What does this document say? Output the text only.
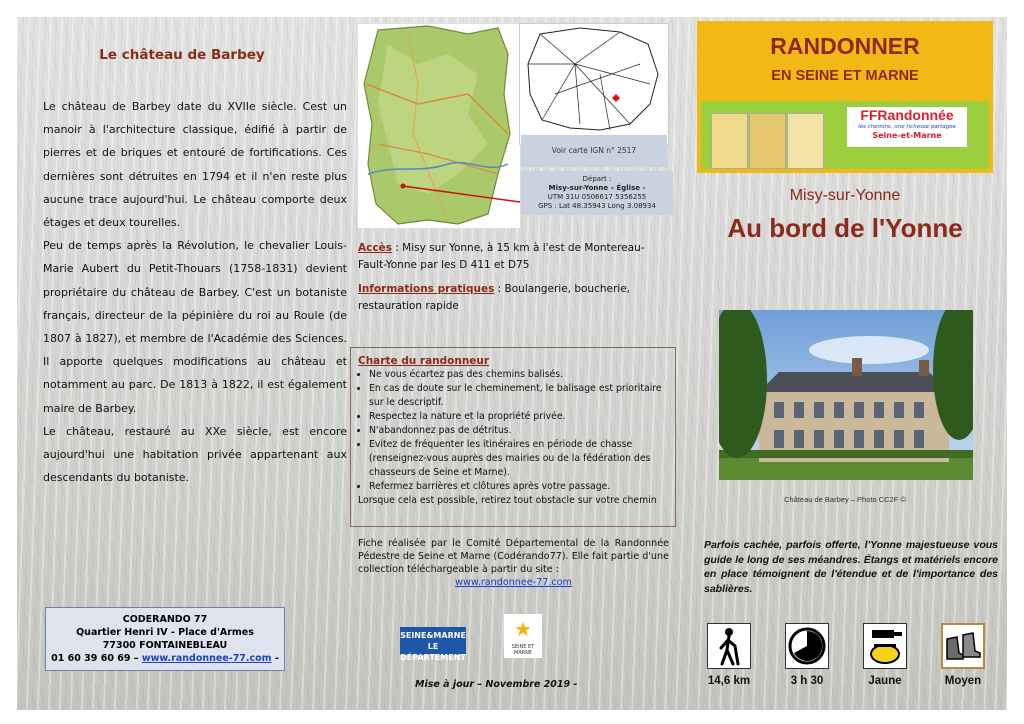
Le château de Barbey

Le château de Barbey date du XVIIe siècle. Cest un manoir à l'architecture classique, édifié à partir de pierres et de briques et entouré de fortifications. Ces dernières sont détruites en 1794 et il n'en reste plus aucune trace aujourd'hui. Le château comporte deux étages et deux tourelles.

Peu de temps après la Révolution, le chevalier Louis-Marie Aubert du Petit-Thouars (1758-1831) devient propriétaire du château de Barbey. C'est un botaniste français, directeur de la pépinière du roi au Roule (de 1807 à 1827), et membre de l'Académie des Sciences. Il apporte quelques modifications au château et notamment au parc. De 1813 à 1822, il est également maire de Barbey.

Le château, restauré au XXe siècle, est encore aujourd'hui une habitation privée appartenant aux descendants du botaniste.

CODERANDO 77
Quartier Henri IV - Place d'Armes
77300 FONTAINEBLEAU
01 60 39 60 69 – www.randonnee-77.com -
Voir carte IGN n° 2517
Départ :
Misy-sur-Yonne – Église -
UTM 31U 0506617 5356255
GPS : Lat 48.35943 Long 3.08934
Accès : Misy sur Yonne, à 15 km à l'est de Montereau-Fault-Yonne par les D 411 et D75
Informations pratiques : Boulangerie, boucherie, restauration rapide
Charte du randonneur
• Ne vous écartez pas des chemins balisés.
• En cas de doute sur le cheminement, le balisage est prioritaire sur le descriptif.
• Respectez la nature et la propriété privée.
• N'abandonnez pas de détritus.
• Evitez de fréquenter les itinéraires en période de chasse (renseignez-vous auprès des mairies ou de la fédération des chasseurs de Seine et Marne).
• Refermez barrières et clôtures après votre passage.
Lorsque cela est possible, retirez tout obstacle sur votre chemin
Fiche réalisée par le Comité Départemental de la Randonnée Pédestre de Seine et Marne (Codérando77). Elle fait partie d'une collection téléchargeable à partir du site :
www.randonnee-77.com
SEINE&MARNE LE DÉPARTEMENT
★
SEINE ET MARNE
Mise à jour – Novembre 2019 -
RANDONNER
EN SEINE ET MARNE
FFRandonnée
les chemins, une richesse partagée
Seine-et-Marne
Misy-sur-Yonne
Au bord de l'Yonne
Château de Barbey – Photo CC2F ©
Parfois cachée, parfois offerte, l'Yonne majestueuse vous guide le long de ses méandres. Étangs et matériels encore en place témoignent de l'étendue et de l'importance des sablières.
14,6 km	3 h 30	Jaune	Moyen
